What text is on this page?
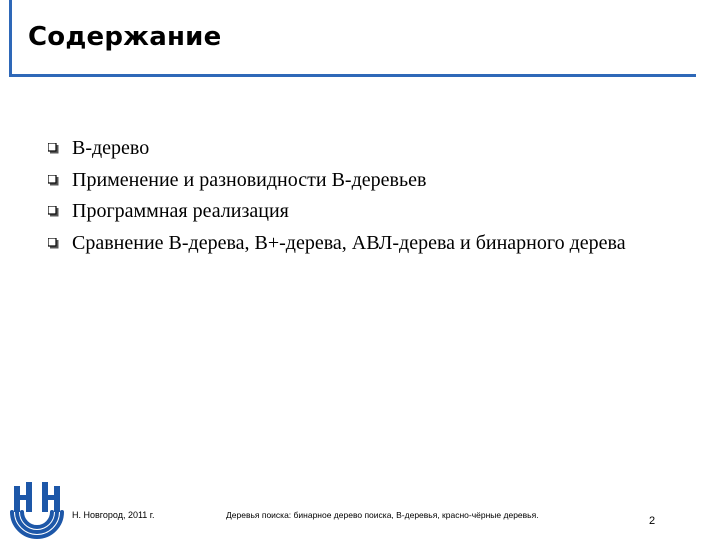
Содержание
B-дерево
Применение и разновидности B-деревьев
Программная реализация
Сравнение B-дерева, B+-дерева, АВЛ-дерева и бинарного дерева
Н. Новгород, 2011 г.	Деревья поиска: бинарное дерево поиска, B-деревья, красно-чёрные деревья.	2
